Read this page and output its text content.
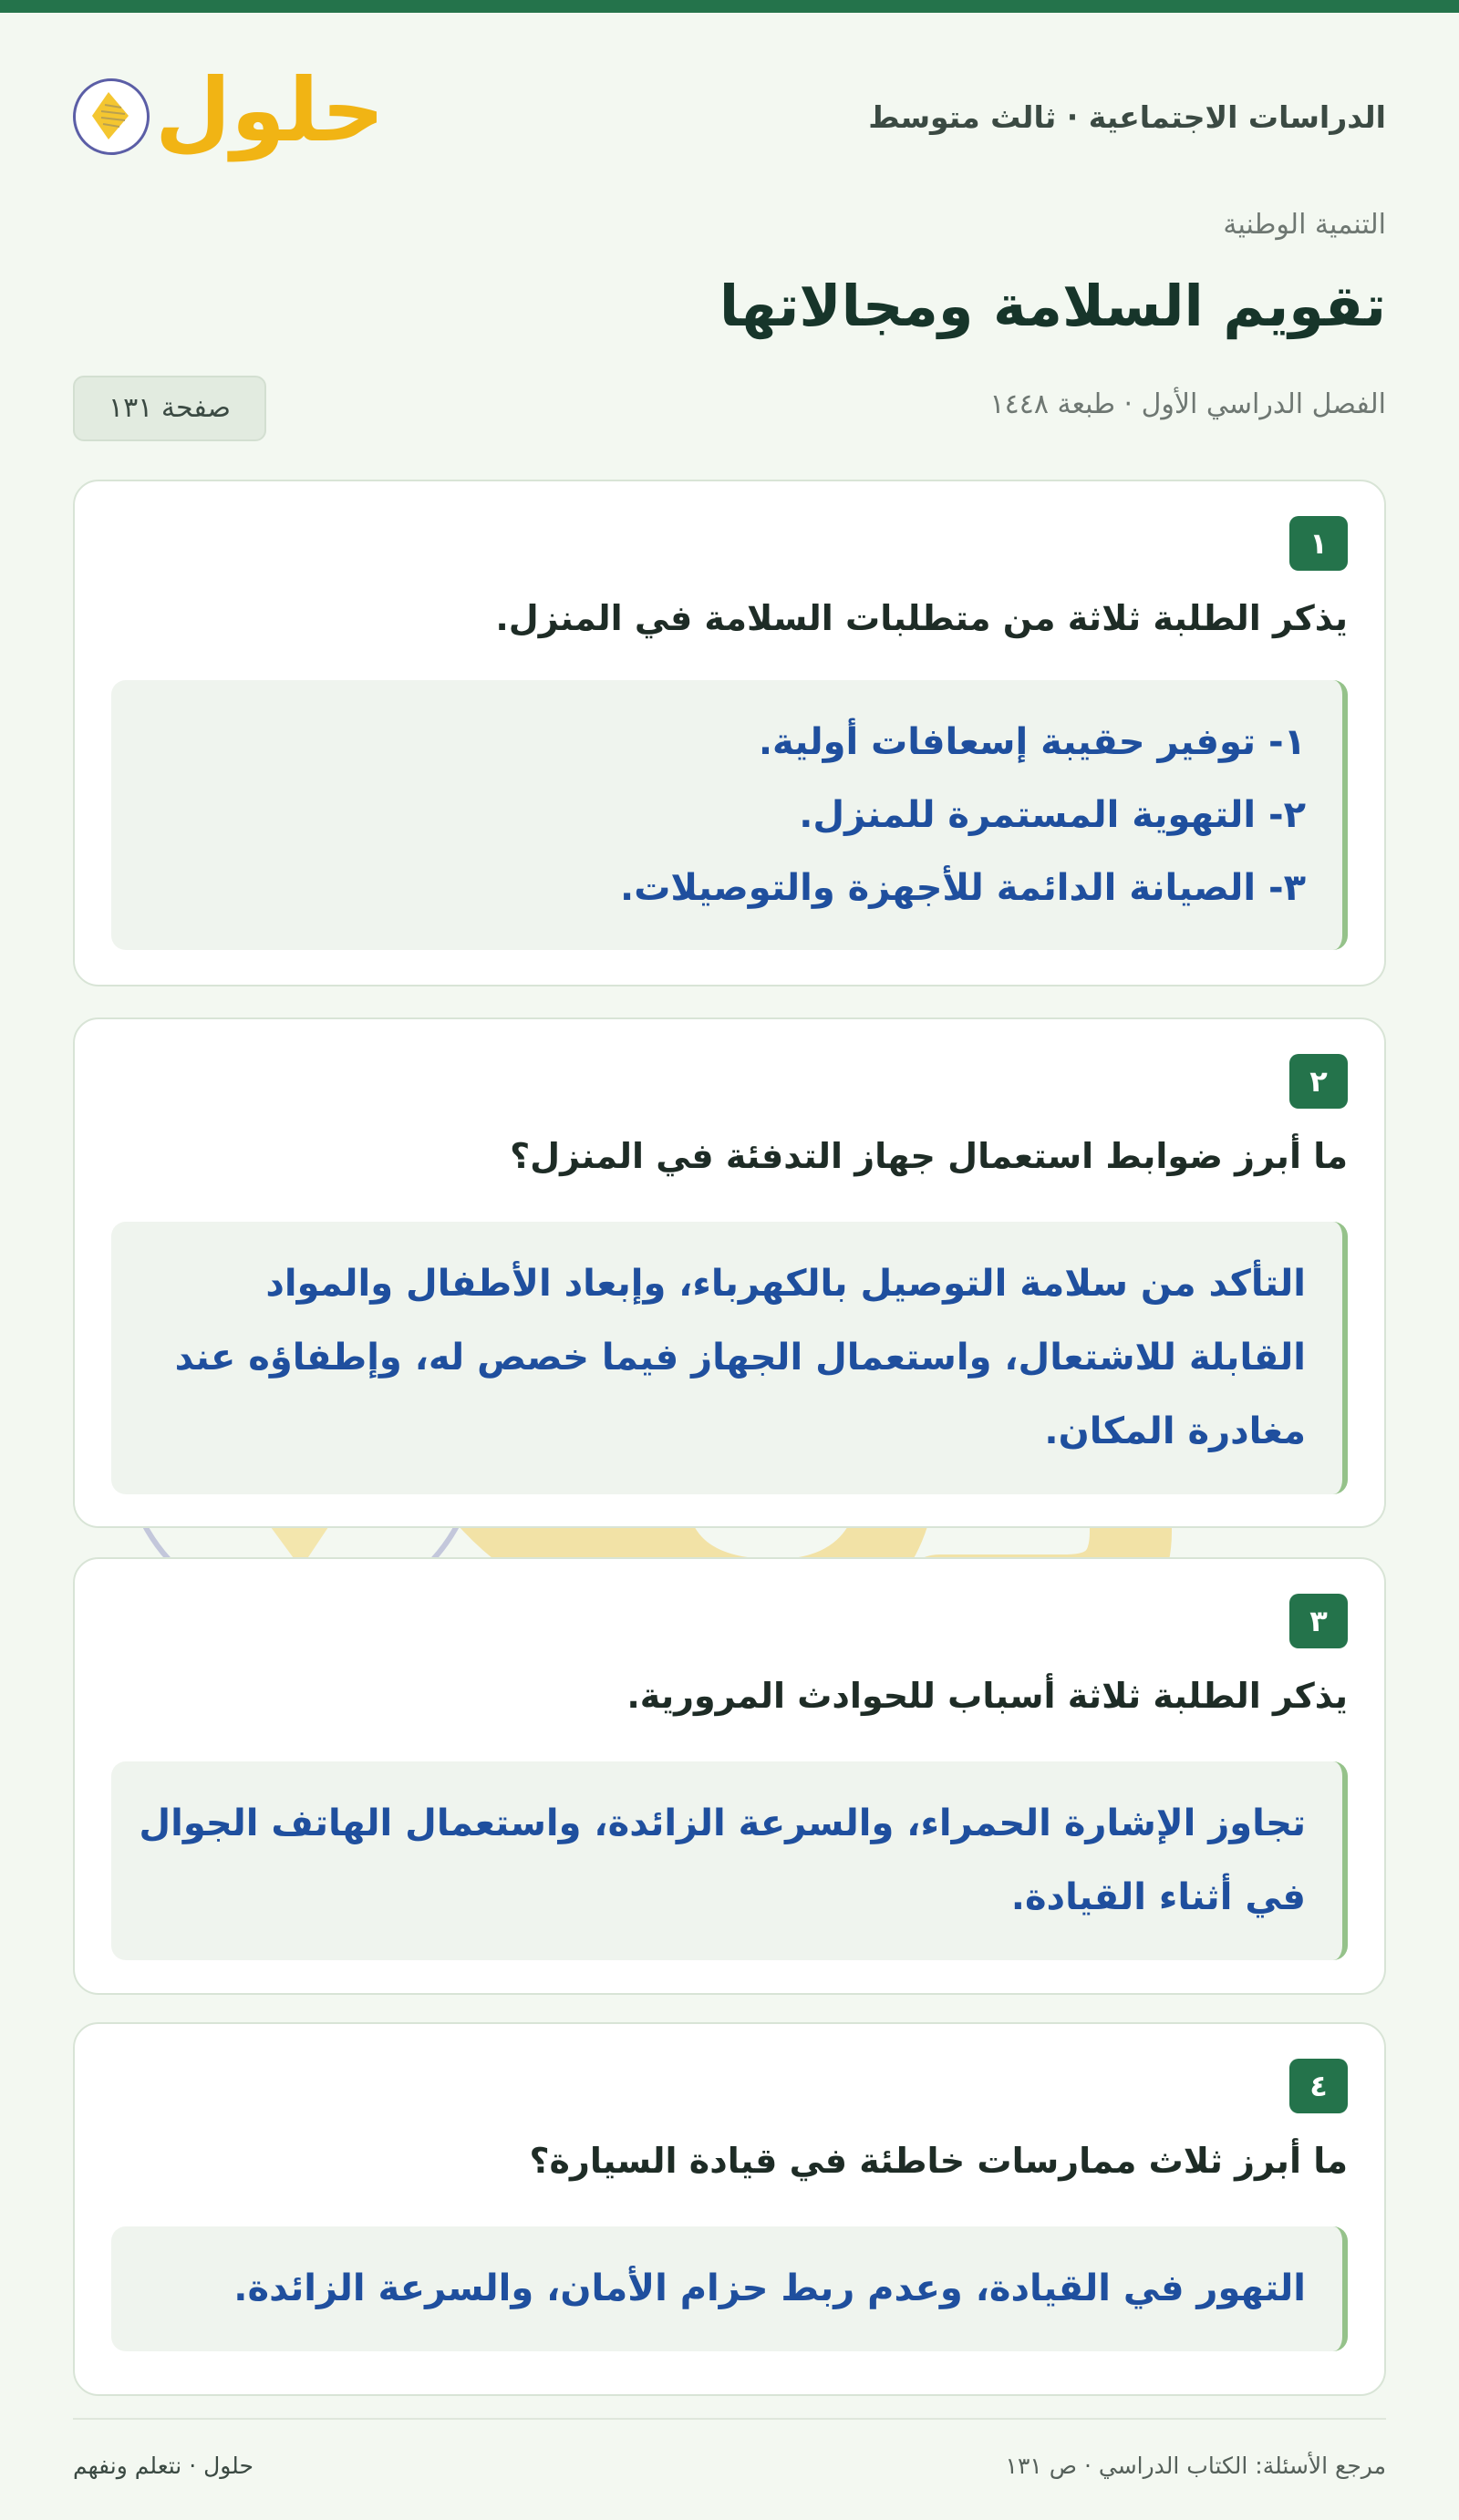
الدراسات الاجتماعية · ثالث متوسط
حلول
التنمية الوطنية
تقويم السلامة ومجالاتها
الفصل الدراسي الأول · طبعة ١٤٤٨
صفحة ١٣١
١

يذكر الطلبة ثلاثة من متطلبات السلامة في المنزل.

١- توفير حقيبة إسعافات أولية.

٢- التهوية المستمرة للمنزل.

٣- الصيانة الدائمة للأجهزة والتوصيلات.

٢

ما أبرز ضوابط استعمال جهاز التدفئة في المنزل؟

التأكد من سلامة التوصيل بالكهرباء، وإبعاد الأطفال والمواد القابلة للاشتعال، واستعمال الجهاز فيما خصص له، وإطفاؤه عند مغادرة المكان.

٣

يذكر الطلبة ثلاثة أسباب للحوادث المرورية.

تجاوز الإشارة الحمراء، والسرعة الزائدة، واستعمال الهاتف الجوال في أثناء القيادة.

٤

ما أبرز ثلاث ممارسات خاطئة في قيادة السيارة؟

التهور في القيادة، وعدم ربط حزام الأمان، والسرعة الزائدة.

مرجع الأسئلة: الكتاب الدراسي · ص ١٣١
حلول · نتعلم ونفهم
